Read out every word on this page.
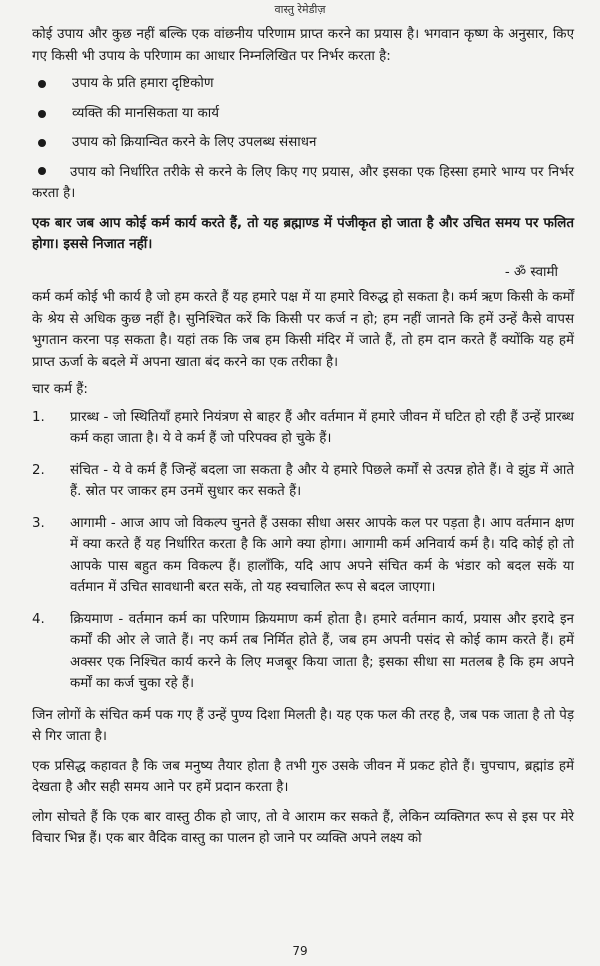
वास्तु रेमेडीज़

कोई उपाय और कुछ नहीं बल्कि एक वांछनीय परिणाम प्राप्त करने का प्रयास है। भगवान कृष्ण के अनुसार, किए गए किसी भी उपाय के परिणाम का आधार निम्नलिखित पर निर्भर करता है:

उपाय के प्रति हमारा दृष्टिकोण
व्यक्ति की मानसिकता या कार्य
उपाय को क्रियान्वित करने के लिए उपलब्ध संसाधन
उपाय को निर्धारित तरीके से करने के लिए किए गए प्रयास, और इसका एक हिस्सा हमारे भाग्य पर निर्भर करता है।

एक बार जब आप कोई कर्म कार्य करते हैं, तो यह ब्रह्माण्ड में पंजीकृत हो जाता है और उचित समय पर फलित होगा। इससे निजात नहीं।

- ॐ स्वामी

कर्म कर्म कोई भी कार्य है जो हम करते हैं यह हमारे पक्ष में या हमारे विरुद्ध हो सकता है। कर्म ऋण किसी के कर्मों के श्रेय से अधिक कुछ नहीं है। सुनिश्चित करें कि किसी पर कर्ज न हो; हम नहीं जानते कि हमें उन्हें कैसे वापस भुगतान करना पड़ सकता है। यहां तक कि जब हम किसी मंदिर में जाते हैं, तो हम दान करते हैं क्योंकि यह हमें प्राप्त ऊर्जा के बदले में अपना खाता बंद करने का एक तरीका है।

चार कर्म हैं:

1. प्रारब्ध - जो स्थितियाँ हमारे नियंत्रण से बाहर हैं और वर्तमान में हमारे जीवन में घटित हो रही हैं उन्हें प्रारब्ध कर्म कहा जाता है। ये वे कर्म हैं जो परिपक्व हो चुके हैं।
2. संचित - ये वे कर्म हैं जिन्हें बदला जा सकता है और ये हमारे पिछले कर्मों से उत्पन्न होते हैं। वे झुंड में आते हैं. स्रोत पर जाकर हम उनमें सुधार कर सकते हैं।
3. आगामी - आज आप जो विकल्प चुनते हैं उसका सीधा असर आपके कल पर पड़ता है। आप वर्तमान क्षण में क्या करते हैं यह निर्धारित करता है कि आगे क्या होगा। आगामी कर्म अनिवार्य कर्म है। यदि कोई हो तो आपके पास बहुत कम विकल्प हैं। हालाँकि, यदि आप अपने संचित कर्म के भंडार को बदल सकें या वर्तमान में उचित सावधानी बरत सकें, तो यह स्वचालित रूप से बदल जाएगा।
4. क्रियमाण - वर्तमान कर्म का परिणाम क्रियमाण कर्म होता है। हमारे वर्तमान कार्य, प्रयास और इरादे इन कर्मों की ओर ले जाते हैं। नए कर्म तब निर्मित होते हैं, जब हम अपनी पसंद से कोई काम करते हैं। हमें अक्सर एक निश्चित कार्य करने के लिए मजबूर किया जाता है; इसका सीधा सा मतलब है कि हम अपने कर्मों का कर्ज चुका रहे हैं।

जिन लोगों के संचित कर्म पक गए हैं उन्हें पुण्य दिशा मिलती है। यह एक फल की तरह है, जब पक जाता है तो पेड़ से गिर जाता है।

एक प्रसिद्ध कहावत है कि जब मनुष्य तैयार होता है तभी गुरु उसके जीवन में प्रकट होते हैं। चुपचाप, ब्रह्मांड हमें देखता है और सही समय आने पर हमें प्रदान करता है।

लोग सोचते हैं कि एक बार वास्तु ठीक हो जाए, तो वे आराम कर सकते हैं, लेकिन व्यक्तिगत रूप से इस पर मेरे विचार भिन्न हैं। एक बार वैदिक वास्तु का पालन हो जाने पर व्यक्ति अपने लक्ष्य को

79
